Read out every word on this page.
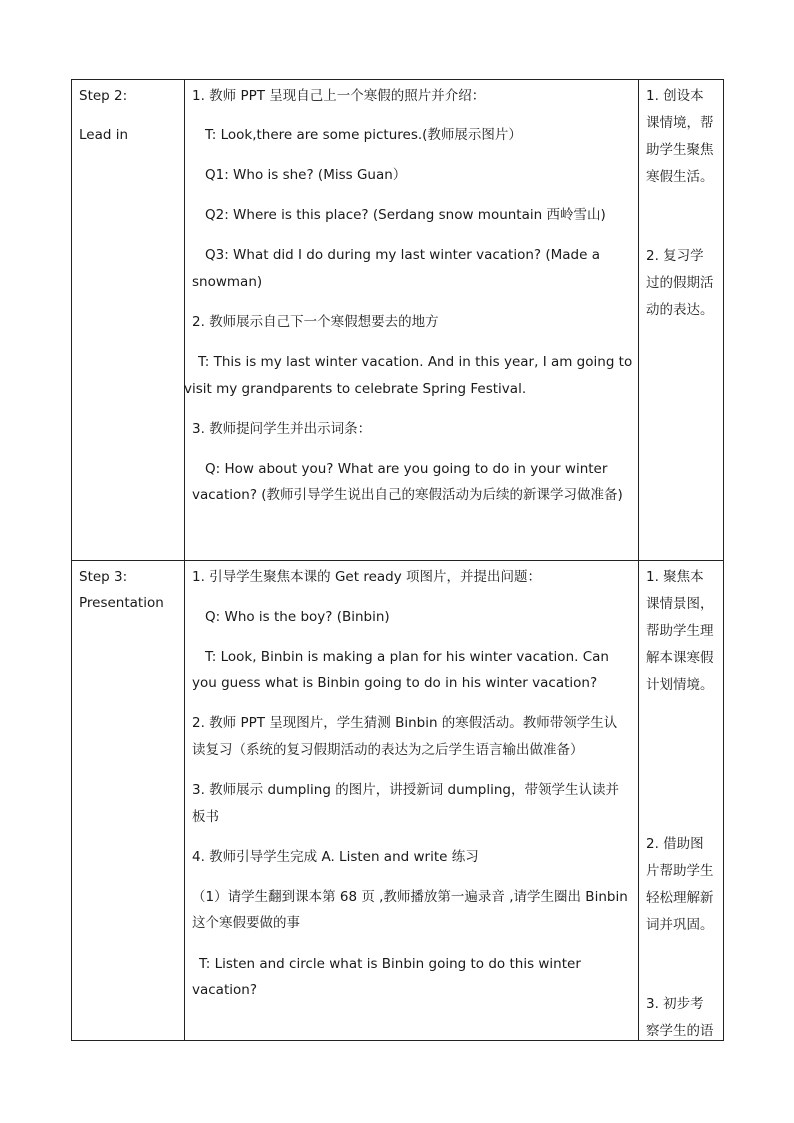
Step 2:
Lead in
1. 教师 PPT 呈现自己上一个寒假的照片并介绍：
T: Look,there are some pictures.(教师展示图片）
Q1: Who is she? (Miss Guan）
Q2: Where is this place? (Serdang snow mountain 西岭雪山)
Q3: What did I do during my last winter vacation? (Made a
snowman)
2. 教师展示自己下一个寒假想要去的地方
T: This is my last winter vacation. And in this year, I am going to
visit my grandparents to celebrate Spring Festival.
3. 教师提问学生并出示词条：
Q: How about you? What are you going to do in your winter
vacation? (教师引导学生说出自己的寒假活动为后续的新课学习做准备)
1. 创设本
课情境，帮
助学生聚焦
寒假生活。
2. 复习学
过的假期活
动的表达。
Step 3:
Presentation
1. 引导学生聚焦本课的 Get ready 项图片，并提出问题：
Q: Who is the boy? (Binbin)
T: Look, Binbin is making a plan for his winter vacation. Can
you guess what is Binbin going to do in his winter vacation?
2. 教师 PPT 呈现图片，学生猜测 Binbin 的寒假活动。教师带领学生认
读复习（系统的复习假期活动的表达为之后学生语言输出做准备）
3. 教师展示 dumpling 的图片，讲授新词 dumpling，带领学生认读并
板书
4. 教师引导学生完成 A. Listen and write 练习
（1）请学生翻到课本第 68 页 ,教师播放第一遍录音 ,请学生圈出 Binbin
这个寒假要做的事
T: Listen and circle what is Binbin going to do this winter
vacation?
1. 聚焦本
课情景图，
帮助学生理
解本课寒假
计划情境。
2. 借助图
片帮助学生
轻松理解新
词并巩固。
3. 初步考
察学生的语
